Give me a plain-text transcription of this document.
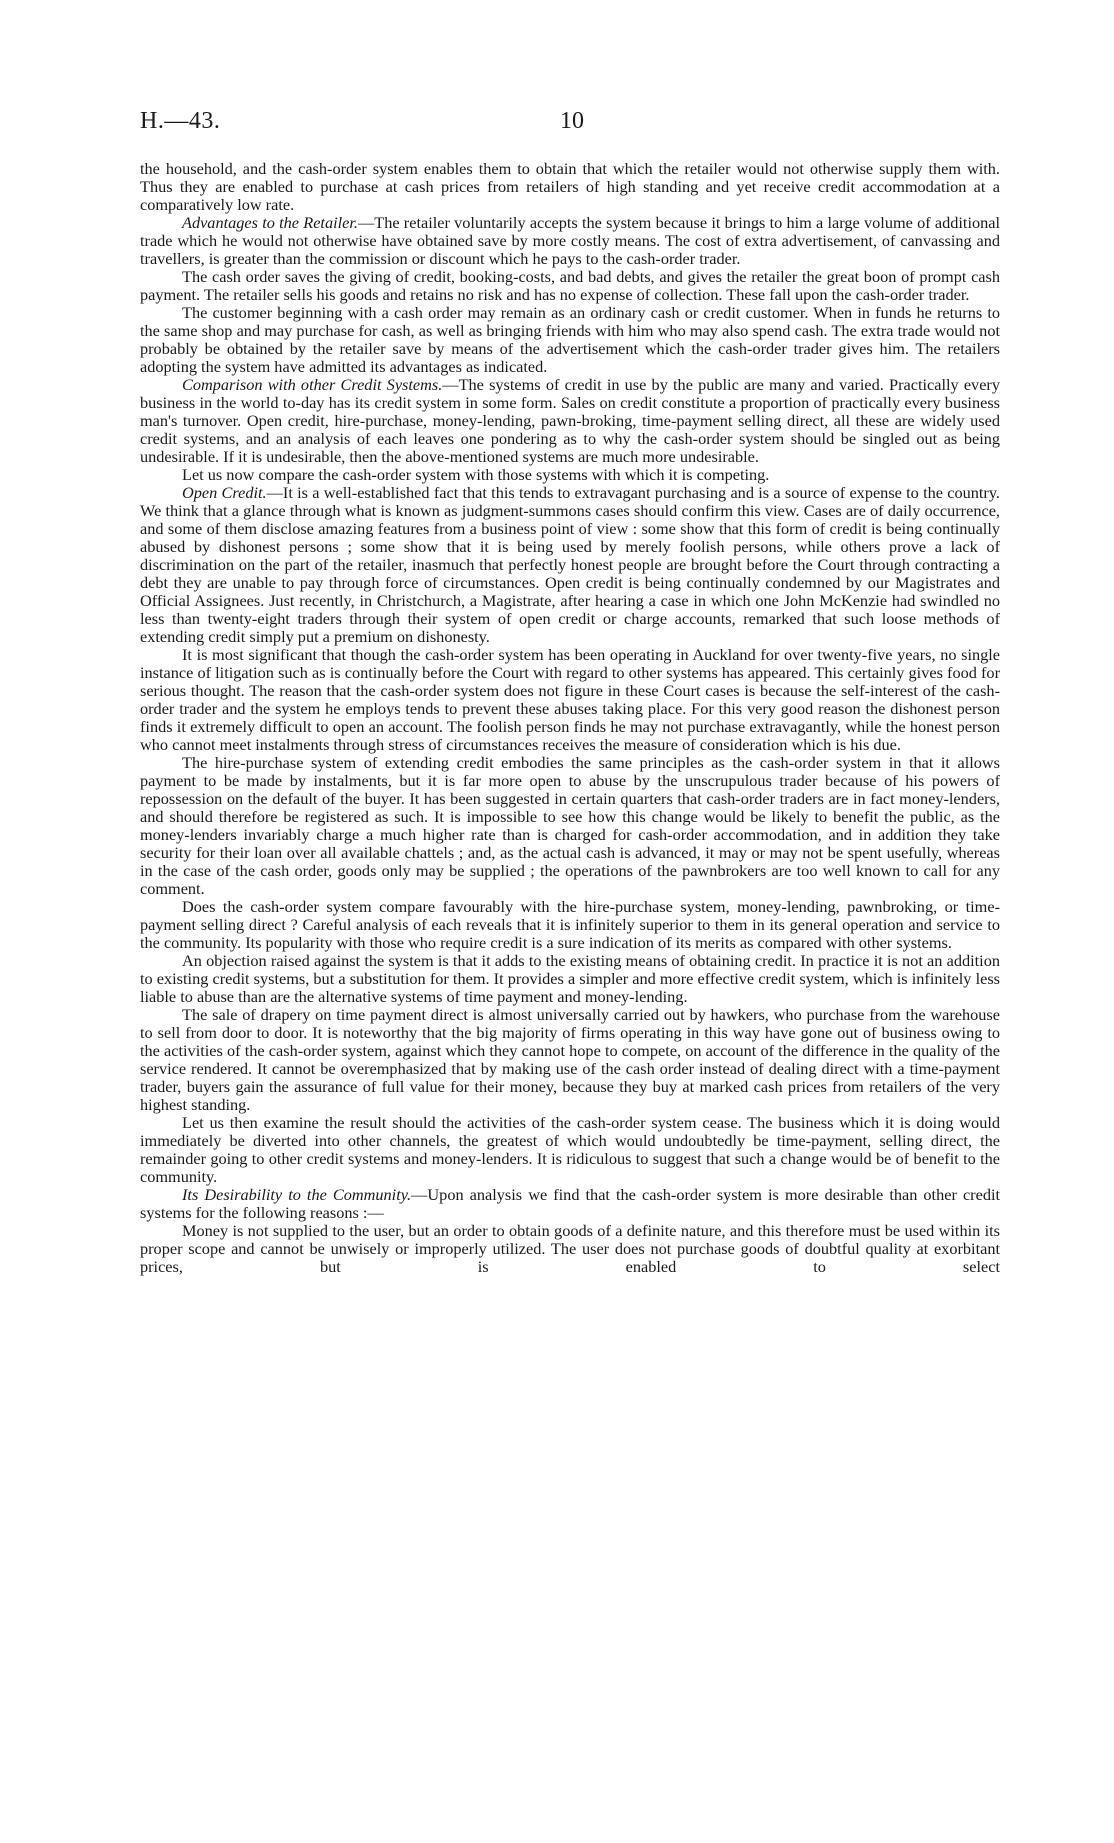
H.—43.	10

the household, and the cash-order system enables them to obtain that which the retailer would not otherwise supply them with. Thus they are enabled to purchase at cash prices from retailers of high standing and yet receive credit accommodation at a comparatively low rate.

Advantages to the Retailer.—The retailer voluntarily accepts the system because it brings to him a large volume of additional trade which he would not otherwise have obtained save by more costly means. The cost of extra advertisement, of canvassing and travellers, is greater than the commission or discount which he pays to the cash-order trader.

The cash order saves the giving of credit, booking-costs, and bad debts, and gives the retailer the great boon of prompt cash payment. The retailer sells his goods and retains no risk and has no expense of collection. These fall upon the cash-order trader.

The customer beginning with a cash order may remain as an ordinary cash or credit customer. When in funds he returns to the same shop and may purchase for cash, as well as bringing friends with him who may also spend cash. The extra trade would not probably be obtained by the retailer save by means of the advertisement which the cash-order trader gives him. The retailers adopting the system have admitted its advantages as indicated.

Comparison with other Credit Systems.—The systems of credit in use by the public are many and varied. Practically every business in the world to-day has its credit system in some form. Sales on credit constitute a proportion of practically every business man's turnover. Open credit, hire-purchase, money-lending, pawn-broking, time-payment selling direct, all these are widely used credit systems, and an analysis of each leaves one pondering as to why the cash-order system should be singled out as being undesirable. If it is undesirable, then the above-mentioned systems are much more undesirable.

Let us now compare the cash-order system with those systems with which it is competing.

Open Credit.—It is a well-established fact that this tends to extravagant purchasing and is a source of expense to the country. We think that a glance through what is known as judgment-summons cases should confirm this view. Cases are of daily occurrence, and some of them disclose amazing features from a business point of view : some show that this form of credit is being continually abused by dishonest persons ; some show that it is being used by merely foolish persons, while others prove a lack of discrimination on the part of the retailer, inasmuch that perfectly honest people are brought before the Court through contracting a debt they are unable to pay through force of circumstances. Open credit is being continually condemned by our Magistrates and Official Assignees. Just recently, in Christchurch, a Magistrate, after hearing a case in which one John McKenzie had swindled no less than twenty-eight traders through their system of open credit or charge accounts, remarked that such loose methods of extending credit simply put a premium on dishonesty.

It is most significant that though the cash-order system has been operating in Auckland for over twenty-five years, no single instance of litigation such as is continually before the Court with regard to other systems has appeared. This certainly gives food for serious thought. The reason that the cash-order system does not figure in these Court cases is because the self-interest of the cash-order trader and the system he employs tends to prevent these abuses taking place. For this very good reason the dishonest person finds it extremely difficult to open an account. The foolish person finds he may not purchase extravagantly, while the honest person who cannot meet instalments through stress of circumstances receives the measure of consideration which is his due.

The hire-purchase system of extending credit embodies the same principles as the cash-order system in that it allows payment to be made by instalments, but it is far more open to abuse by the unscrupulous trader because of his powers of repossession on the default of the buyer. It has been suggested in certain quarters that cash-order traders are in fact money-lenders, and should therefore be registered as such. It is impossible to see how this change would be likely to benefit the public, as the money-lenders invariably charge a much higher rate than is charged for cash-order accommodation, and in addition they take security for their loan over all available chattels ; and, as the actual cash is advanced, it may or may not be spent usefully, whereas in the case of the cash order, goods only may be supplied ; the operations of the pawnbrokers are too well known to call for any comment.

Does the cash-order system compare favourably with the hire-purchase system, money-lending, pawnbroking, or time-payment selling direct ? Careful analysis of each reveals that it is infinitely superior to them in its general operation and service to the community. Its popularity with those who require credit is a sure indication of its merits as compared with other systems.

An objection raised against the system is that it adds to the existing means of obtaining credit. In practice it is not an addition to existing credit systems, but a substitution for them. It provides a simpler and more effective credit system, which is infinitely less liable to abuse than are the alternative systems of time payment and money-lending.

The sale of drapery on time payment direct is almost universally carried out by hawkers, who purchase from the warehouse to sell from door to door. It is noteworthy that the big majority of firms operating in this way have gone out of business owing to the activities of the cash-order system, against which they cannot hope to compete, on account of the difference in the quality of the service rendered. It cannot be overemphasized that by making use of the cash order instead of dealing direct with a time-payment trader, buyers gain the assurance of full value for their money, because they buy at marked cash prices from retailers of the very highest standing.

Let us then examine the result should the activities of the cash-order system cease. The business which it is doing would immediately be diverted into other channels, the greatest of which would undoubtedly be time-payment, selling direct, the remainder going to other credit systems and money-lenders. It is ridiculous to suggest that such a change would be of benefit to the community.

Its Desirability to the Community.—Upon analysis we find that the cash-order system is more desirable than other credit systems for the following reasons :—

Money is not supplied to the user, but an order to obtain goods of a definite nature, and this therefore must be used within its proper scope and cannot be unwisely or improperly utilized. The user does not purchase goods of doubtful quality at exorbitant prices, but is enabled to select
